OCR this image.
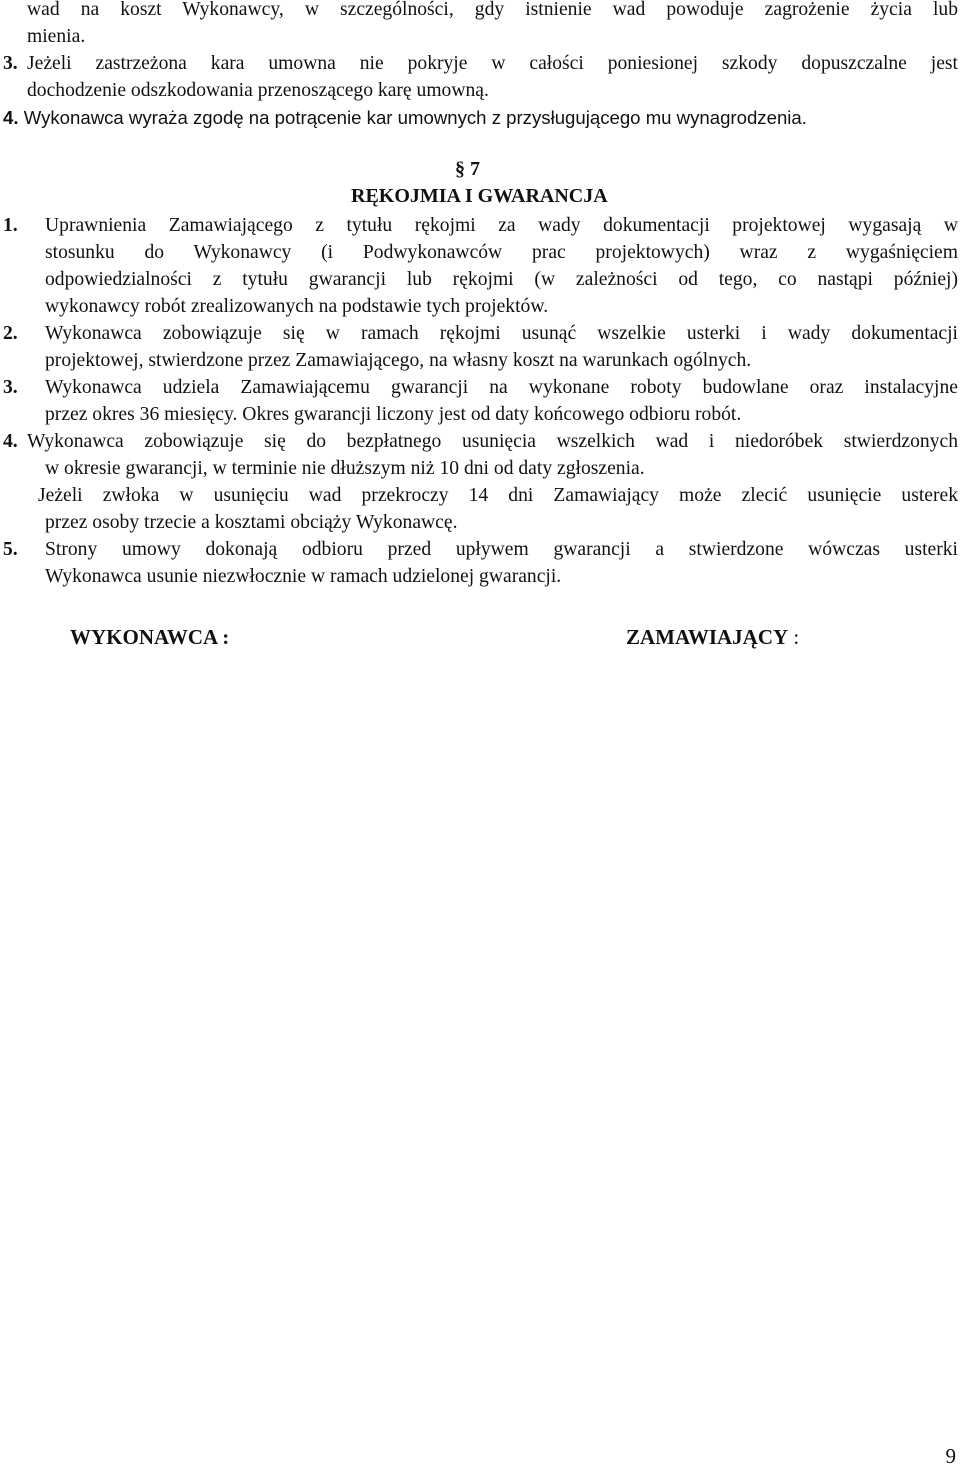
wad na koszt Wykonawcy, w szczególności, gdy istnienie wad powoduje zagrożenie życia lub
mienia.
3. Jeżeli zastrzeżona kara umowna nie pokryje w całości poniesionej szkody dopuszczalne jest
dochodzenie odszkodowania przenoszącego karę umowną.
4. Wykonawca wyraża zgodę na potrącenie kar umownych z przysługującego mu wynagrodzenia.
§ 7
RĘKOJMIA I GWARANCJA
1. Uprawnienia Zamawiającego z tytułu rękojmi za wady dokumentacji projektowej wygasają w
stosunku do Wykonawcy (i Podwykonawców prac projektowych) wraz z wygaśnięciem
odpowiedzialności z tytułu gwarancji lub rękojmi (w zależności od tego, co nastąpi później)
wykonawcy robót zrealizowanych na podstawie tych projektów.
2. Wykonawca zobowiązuje się w ramach rękojmi usunąć wszelkie usterki i wady dokumentacji
projektowej, stwierdzone przez Zamawiającego, na własny koszt na warunkach ogólnych.
3. Wykonawca udziela Zamawiającemu gwarancji na wykonane roboty budowlane oraz instalacyjne
przez okres 36 miesięcy. Okres gwarancji liczony jest od daty końcowego odbioru robót.
4. Wykonawca zobowiązuje się do bezpłatnego usunięcia wszelkich wad i niedoróbek stwierdzonych
w okresie gwarancji, w terminie nie dłuższym niż 10 dni od daty zgłoszenia.
Jeżeli zwłoka w usunięciu wad przekroczy 14 dni Zamawiający może zlecić usunięcie usterek
przez osoby trzecie a kosztami obciąży Wykonawcę.
5. Strony umowy dokonają odbioru przed upływem gwarancji a stwierdzone wówczas usterki
Wykonawca usunie niezwłocznie w ramach udzielonej gwarancji.
WYKONAWCA :	ZAMAWIAJĄCY :
9
